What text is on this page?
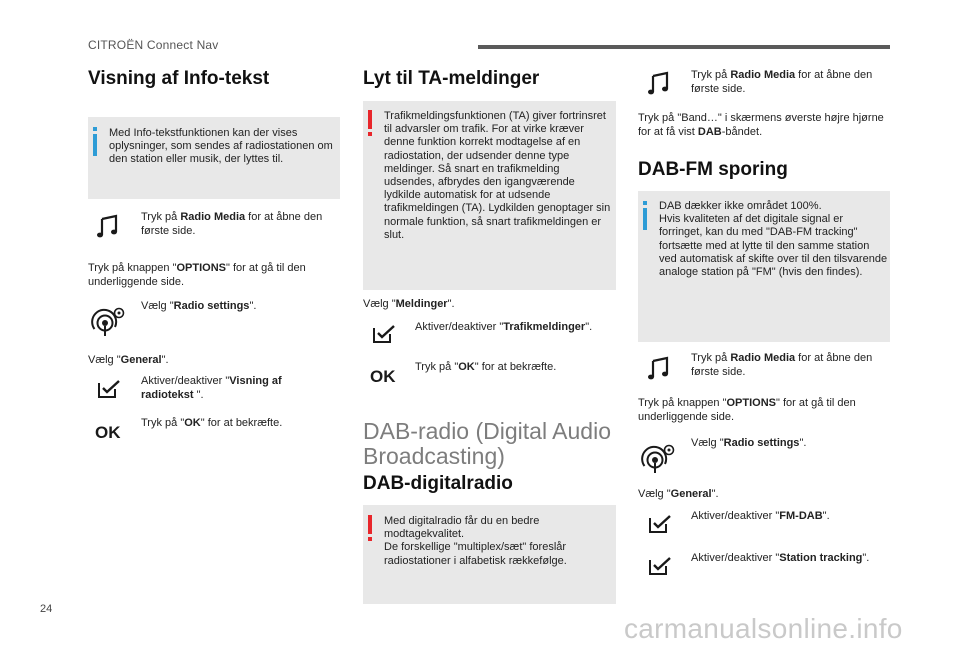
CITROËN Connect Nav
Visning af Info-tekst
Med Info-tekstfunktionen kan der vises oplysninger, som sendes af radiostationen om den station eller musik, der lyttes til.
Tryk på Radio Media for at åbne den første side.
Tryk på knappen "OPTIONS" for at gå til den underliggende side.
Vælg "Radio settings".
Vælg "General".
Aktiver/deaktiver "Visning af radiotekst ".
OK Tryk på "OK" for at bekræfte.
Lyt til TA-meldinger
Trafikmeldingsfunktionen (TA) giver fortrinsret til advarsler om trafik. For at virke kræver denne funktion korrekt modtagelse af en radiostation, der udsender denne type meldinger. Så snart en trafikmelding udsendes, afbrydes den igangværende lydkilde automatisk for at udsende trafikmeldingen (TA). Lydkilden genoptager sin normale funktion, så snart trafikmeldingen er slut.
Vælg "Meldinger".
Aktiver/deaktiver "Trafikmeldinger".
OK Tryk på "OK" for at bekræfte.
DAB-radio (Digital Audio Broadcasting)
DAB-digitalradio
Med digitalradio får du en bedre modtagekvalitet.
De forskellige "multiplex/sæt" foreslår radiostationer i alfabetisk rækkefølge.
Tryk på Radio Media for at åbne den første side.
Tryk på "Band…" i skærmens øverste højre hjørne for at få vist DAB-båndet.
DAB-FM sporing
DAB dækker ikke området 100%.
Hvis kvaliteten af det digitale signal er forringet, kan du med "DAB-FM tracking" fortsætte med at lytte til den samme station ved automatisk af skifte over til den tilsvarende analoge station på "FM" (hvis den findes).
Tryk på Radio Media for at åbne den første side.
Tryk på knappen "OPTIONS" for at gå til den underliggende side.
Vælg "Radio settings".
Vælg "General".
Aktiver/deaktiver "FM-DAB".
Aktiver/deaktiver "Station tracking".
24
carmanualsonline.info
